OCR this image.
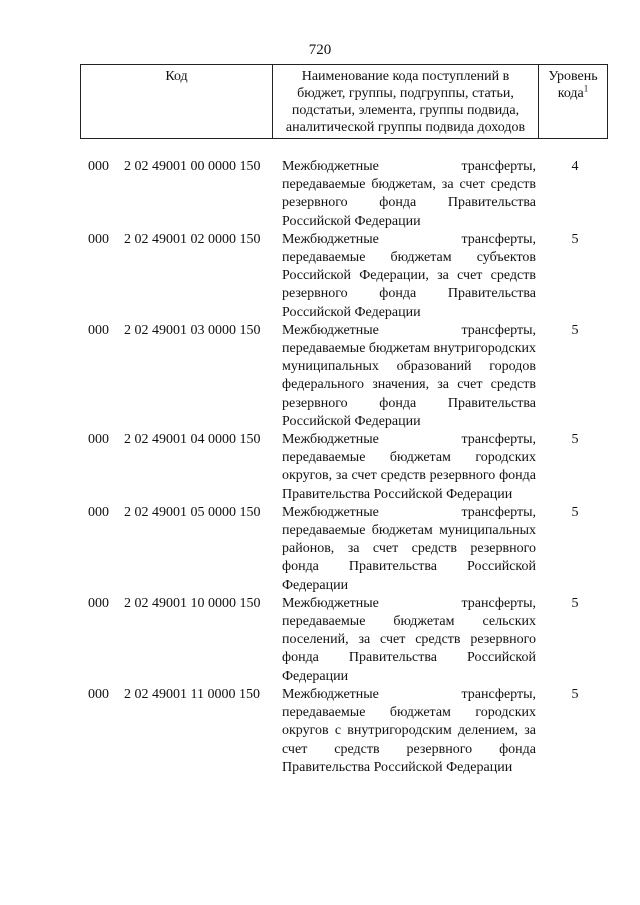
720
Код	Наименование кода поступлений в бюджет, группы, подгруппы, статьи, подстатьи, элемента, группы подвида, аналитической группы подвида доходов
Уровень кода$^1$
000 2 02 49001 00 0000 150 Межбюджетные трансферты, передаваемые бюджетам, за счет средств резервного фонда Правительства Российской Федерации
4
000 2 02 49001 02 0000 150 Межбюджетные трансферты, передаваемые бюджетам субъектов Российской Федерации, за счет средств резервного фонда Правительства Российской Федерации
5
000 2 02 49001 03 0000 150 Межбюджетные трансферты, передаваемые бюджетам внутригородских муниципальных образований городов федерального значения, за счет средств резервного фонда Правительства Российской Федерации
5
000 2 02 49001 04 0000 150 Межбюджетные трансферты, передаваемые бюджетам городских округов, за счет средств резервного фонда Правительства Российской Федерации
5
000 2 02 49001 05 0000 150 Межбюджетные трансферты, передаваемые бюджетам муниципальных районов, за счет средств резервного фонда Правительства Российской Федерации
5
000 2 02 49001 10 0000 150 Межбюджетные трансферты, передаваемые бюджетам сельских поселений, за счет средств резервного фонда Правительства Российской Федерации
5
000 2 02 49001 11 0000 150 Межбюджетные трансферты, передаваемые бюджетам городских округов с внутригородским делением, за счет средств резервного фонда Правительства Российской Федерации
5
